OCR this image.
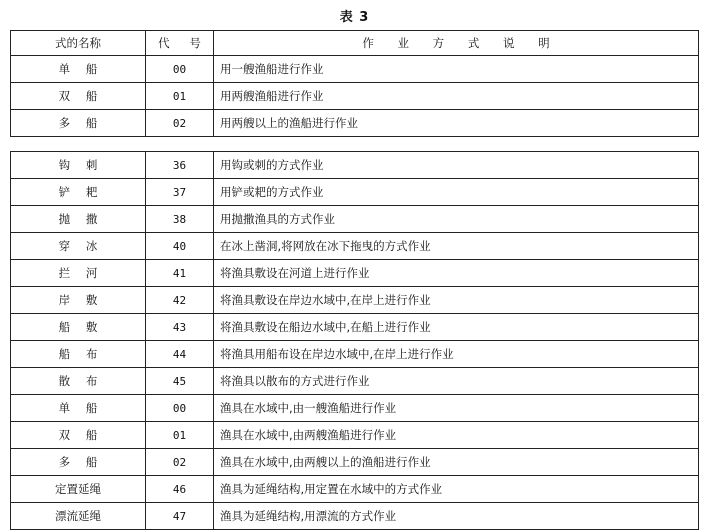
表 3
式的名称	代 号	作 业 方 式 说 明
单 船	00	用一艘渔船进行作业
双 船	01	用两艘渔船进行作业
多 船	02	用两艘以上的渔船进行作业
钩 刺	36	用钩或刺的方式作业
铲 耙	37	用铲或耙的方式作业
抛 撒	38	用抛撒渔具的方式作业
穿 冰	40	在冰上凿洞,将网放在冰下拖曳的方式作业
拦 河	41	将渔具敷设在河道上进行作业
岸 敷	42	将渔具敷设在岸边水域中,在岸上进行作业
船 敷	43	将渔具敷设在船边水域中,在船上进行作业
船 布	44	将渔具用船布设在岸边水域中,在岸上进行作业
散 布	45	将渔具以散布的方式进行作业
单 船	00	渔具在水域中,由一艘渔船进行作业
双 船	01	渔具在水域中,由两艘渔船进行作业
多 船	02	渔具在水域中,由两艘以上的渔船进行作业
定置延绳	46	渔具为延绳结构,用定置在水域中的方式作业
漂流延绳	47	渔具为延绳结构,用漂流的方式作业
